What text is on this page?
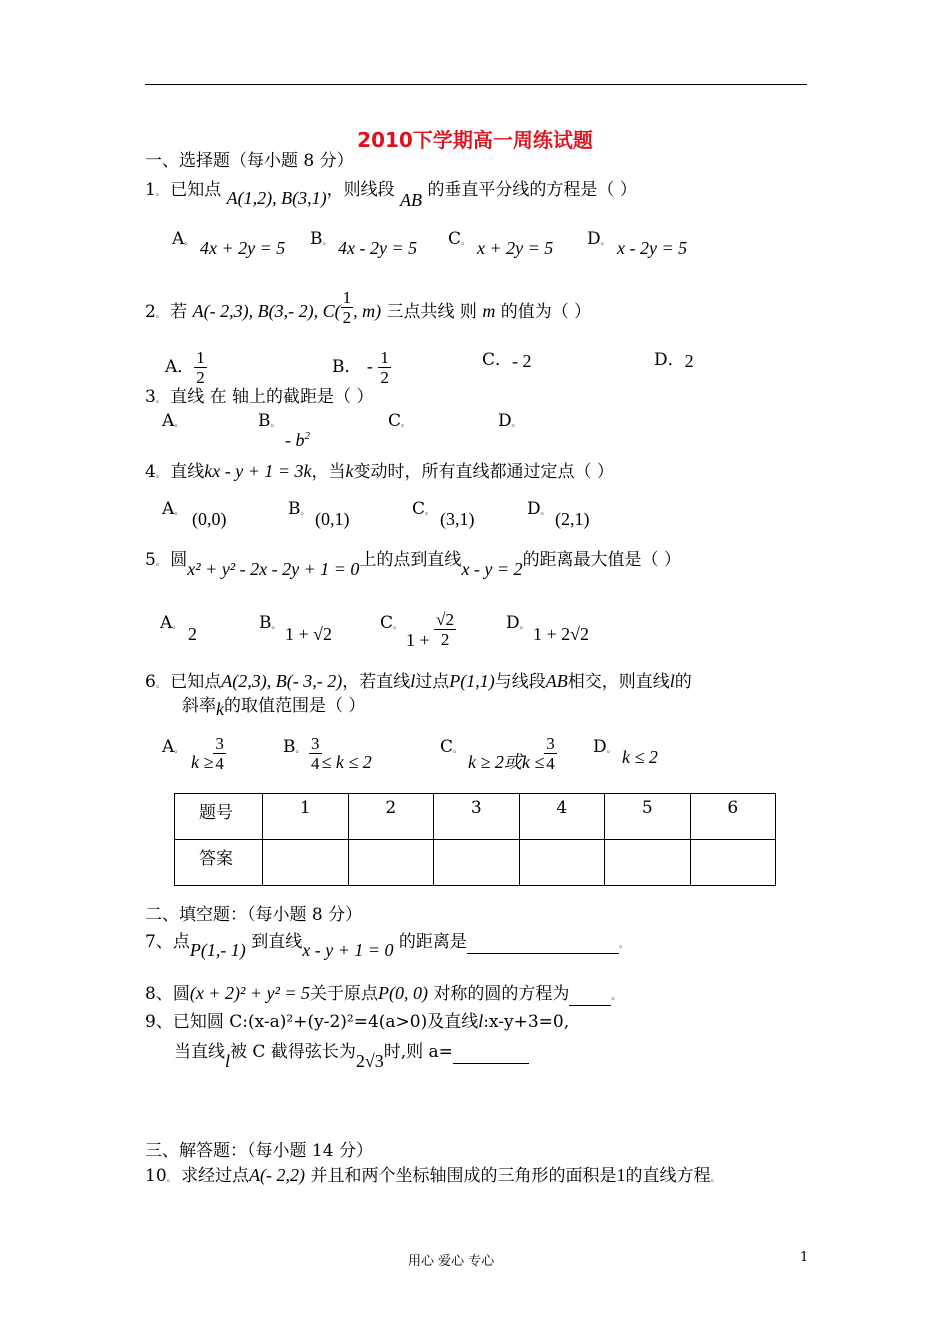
2010下学期高一周练试题
一、选择题（每小题 8 分）
1。 已知点 A(1,2), B(3,1)，则线段 AB 的垂直平分线的方程是（ ）
A。 4x + 2y = 5 B。 4x - 2y = 5 C。 x + 2y = 5 D。 x - 2y = 5
2。 若 A(- 2,3), B(3,- 2), $C( \frac{1}{2}$ , m) 三点共线 则 m 的值为（ ）
A． $\frac{1}{2}$	B． - $\frac{1}{2}$	C．- 2	D．2
3。 直线 在 轴上的截距是（ ）
A。	B。
- $b^2$
C。	D。
4。 直线kx - y + 1 = 3k，当k变动时，所有直线都通过定点（ ）
A。 (0,0)	B。 (0,1)	C。 (3,1)	D。 (2,1)
5。 圆x² + y² - 2x - 2y + 1 = 0上的点到直线x - y = 2的距离最大值是（ ）
A。 2
B。 1 + √2
C。
$1 + \frac{√2}{2}$	D。 1 + 2√2
6。 已知点A(2,3), B(- 3,- 2)，若直线l过点P(1,1)与线段AB相交，则直线l的
斜率k的取值范围是（ ）
A。
$k \ge \frac{3}{4}$	B。 $\frac{3}{4} \le k \le 2$
C。
k ≥ 2或$k \le \frac{3}{4}$ D。 k ≤ 2
题号	1	2	3	4	5	6
答案						
二、填空题：（每小题 8 分）
7、点P(1,- 1) 到直线x - y + 1 = 0 的距离是	。
8、圆(x + 2)² + y² = 5关于原点P(0, 0) 对称的圆的方程为	。
9、已知圆 C:(x-a)²+(y-2)²=4(a>0)及直线l:x-y+3=0,
当直线l被 C 截得弦长为2√3时,则 a=
三、解答题：（每小题 14 分）
10。 求经过点A(- 2,2) 并且和两个坐标轴围成的三角形的面积是1的直线方程。
用心 爱心 专心	1
